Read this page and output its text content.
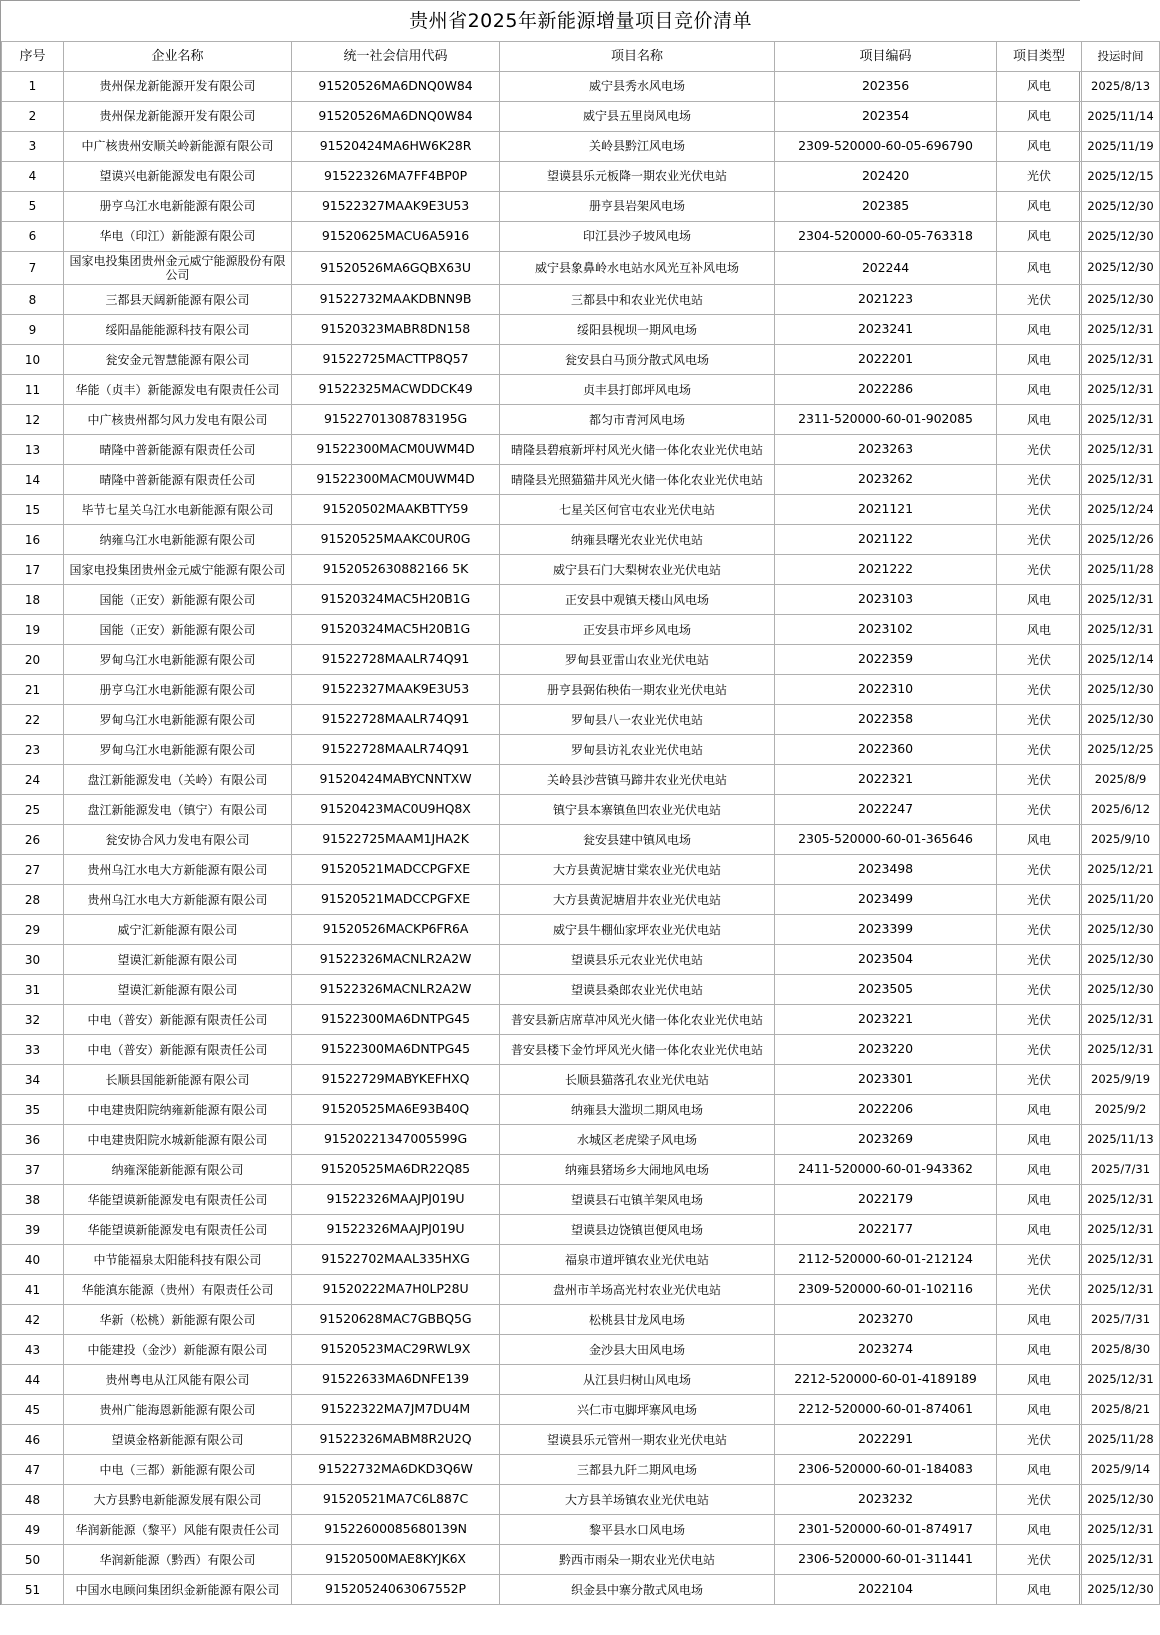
贵州省2025年新能源增量项目竞价清单						
序号	企业名称	统一社会信用代码	项目名称	项目编码	项目类型	投运时间
1	贵州保龙新能源开发有限公司	91520526MA6DNQ0W84	威宁县秀水风电场	202356	风电	2025/8/13
2	贵州保龙新能源开发有限公司	91520526MA6DNQ0W84	威宁县五里岗风电场	202354	风电	2025/11/14
3	中广核贵州安顺关岭新能源有限公司	91520424MA6HW6K28R	关岭县黔江风电场	2309-520000-60-05-696790	风电	2025/11/19
4	望谟兴电新能源发电有限公司	91522326MA7FF4BP0P	望谟县乐元板降一期农业光伏电站	202420	光伏	2025/12/15
5	册亨乌江水电新能源有限公司	91522327MAAK9E3U53	册亨县岩架风电场	202385	风电	2025/12/30
6	华电（印江）新能源有限公司	91520625MACU6A5916	印江县沙子坡风电场	2304-520000-60-05-763318	风电	2025/12/30
7	国家电投集团贵州金元威宁能源股份有限公司	91520526MA6GQBX63U	威宁县象鼻岭水电站水风光互补风电场	202244	风电	2025/12/30
8	三都县天阔新能源有限公司	91522732MAAKDBNN9B	三都县中和农业光伏电站	2021223	光伏	2025/12/30
9	绥阳晶能能源科技有限公司	91520323MABR8DN158	绥阳县枧坝一期风电场	2023241	风电	2025/12/31
10	瓮安金元智慧能源有限公司	91522725MACTTP8Q57	瓮安县白马顶分散式风电场	2022201	风电	2025/12/31
11	华能（贞丰）新能源发电有限责任公司	91522325MACWDDCK49	贞丰县打郎坪风电场	2022286	风电	2025/12/31
12	中广核贵州都匀风力发电有限公司	91522701308783195G	都匀市青河风电场	2311-520000-60-01-902085	风电	2025/12/31
13	晴隆中普新能源有限责任公司	91522300MACM0UWM4D	晴隆县碧痕新坪村风光火储一体化农业光伏电站	2023263	光伏	2025/12/31
14	晴隆中普新能源有限责任公司	91522300MACM0UWM4D	晴隆县光照猫猫井风光火储一体化农业光伏电站	2023262	光伏	2025/12/31
15	毕节七星关乌江水电新能源有限公司	91520502MAAKBTTY59	七星关区何官屯农业光伏电站	2021121	光伏	2025/12/24
16	纳雍乌江水电新能源有限公司	91520525MAAKC0UR0G	纳雍县曙光农业光伏电站	2021122	光伏	2025/12/26
17	国家电投集团贵州金元威宁能源有限公司	9152052630882166 5K	威宁县石门大梨树农业光伏电站	2021222	光伏	2025/11/28
18	国能（正安）新能源有限公司	91520324MAC5H20B1G	正安县中观镇天楼山风电场	2023103	风电	2025/12/31
19	国能（正安）新能源有限公司	91520324MAC5H20B1G	正安县市坪乡风电场	2023102	风电	2025/12/31
20	罗甸乌江水电新能源有限公司	91522728MAALR74Q91	罗甸县亚雷山农业光伏电站	2022359	光伏	2025/12/14
21	册亨乌江水电新能源有限公司	91522327MAAK9E3U53	册亨县弼佑秧佑一期农业光伏电站	2022310	光伏	2025/12/30
22	罗甸乌江水电新能源有限公司	91522728MAALR74Q91	罗甸县八一农业光伏电站	2022358	光伏	2025/12/30
23	罗甸乌江水电新能源有限公司	91522728MAALR74Q91	罗甸县访礼农业光伏电站	2022360	光伏	2025/12/25
24	盘江新能源发电（关岭）有限公司	91520424MABYCNNTXW	关岭县沙营镇马蹄井农业光伏电站	2022321	光伏	2025/8/9
25	盘江新能源发电（镇宁）有限公司	91520423MAC0U9HQ8X	镇宁县本寨镇鱼凹农业光伏电站	2022247	光伏	2025/6/12
26	瓮安协合风力发电有限公司	91522725MAAM1JHA2K	瓮安县建中镇风电场	2305-520000-60-01-365646	风电	2025/9/10
27	贵州乌江水电大方新能源有限公司	91520521MADCCPGFXE	大方县黄泥塘甘棠农业光伏电站	2023498	光伏	2025/12/21
28	贵州乌江水电大方新能源有限公司	91520521MADCCPGFXE	大方县黄泥塘眉井农业光伏电站	2023499	光伏	2025/11/20
29	威宁汇新能源有限公司	91520526MACKP6FR6A	威宁县牛棚仙家坪农业光伏电站	2023399	光伏	2025/12/30
30	望谟汇新能源有限公司	91522326MACNLR2A2W	望谟县乐元农业光伏电站	2023504	光伏	2025/12/30
31	望谟汇新能源有限公司	91522326MACNLR2A2W	望谟县桑郎农业光伏电站	2023505	光伏	2025/12/30
32	中电（普安）新能源有限责任公司	91522300MA6DNTPG45	普安县新店席草冲风光火储一体化农业光伏电站	2023221	光伏	2025/12/31
33	中电（普安）新能源有限责任公司	91522300MA6DNTPG45	普安县楼下金竹坪风光火储一体化农业光伏电站	2023220	光伏	2025/12/31
34	长顺县国能新能源有限公司	91522729MABYKEFHXQ	长顺县猫落孔农业光伏电站	2023301	光伏	2025/9/19
35	中电建贵阳院纳雍新能源有限公司	91520525MA6E93B40Q	纳雍县大滥坝二期风电场	2022206	风电	2025/9/2
36	中电建贵阳院水城新能源有限公司	91520221347005599G	水城区老虎梁子风电场	2023269	风电	2025/11/13
37	纳雍深能新能源有限公司	91520525MA6DR22Q85	纳雍县猪场乡大闹地风电场	2411-520000-60-01-943362	风电	2025/7/31
38	华能望谟新能源发电有限责任公司	91522326MAAJPJ019U	望谟县石屯镇羊架风电场	2022179	风电	2025/12/31
39	华能望谟新能源发电有限责任公司	91522326MAAJPJ019U	望谟县边饶镇岜便风电场	2022177	风电	2025/12/31
40	中节能福泉太阳能科技有限公司	91522702MAAL335HXG	福泉市道坪镇农业光伏电站	2112-520000-60-01-212124	光伏	2025/12/31
41	华能滇东能源（贵州）有限责任公司	91520222MA7H0LP28U	盘州市羊场高光村农业光伏电站	2309-520000-60-01-102116	光伏	2025/12/31
42	华新（松桃）新能源有限公司	91520628MAC7GBBQ5G	松桃县甘龙风电场	2023270	风电	2025/7/31
43	中能建投（金沙）新能源有限公司	91520523MAC29RWL9X	金沙县大田风电场	2023274	风电	2025/8/30
44	贵州粤电从江风能有限公司	91522633MA6DNFE139	从江县归树山风电场	2212-520000-60-01-4189189	风电	2025/12/31
45	贵州广能海恩新能源有限公司	91522322MA7JM7DU4M	兴仁市屯脚坪寨风电场	2212-520000-60-01-874061	风电	2025/8/21
46	望谟金格新能源有限公司	91522326MABM8R2U2Q	望谟县乐元管州一期农业光伏电站	2022291	光伏	2025/11/28
47	中电（三都）新能源有限公司	91522732MA6DKD3Q6W	三都县九阡二期风电场	2306-520000-60-01-184083	风电	2025/9/14
48	大方县黔电新能源发展有限公司	91520521MA7C6L887C	大方县羊场镇农业光伏电站	2023232	光伏	2025/12/30
49	华润新能源（黎平）风能有限责任公司	91522600085680139N	黎平县水口风电场	2301-520000-60-01-874917	风电	2025/12/31
50	华润新能源（黔西）有限公司	91520500MAE8KYJK6X	黔西市雨朵一期农业光伏电站	2306-520000-60-01-311441	光伏	2025/12/31
51	中国水电顾问集团织金新能源有限公司	91520524063067552P	织金县中寨分散式风电场	2022104	风电	2025/12/30
